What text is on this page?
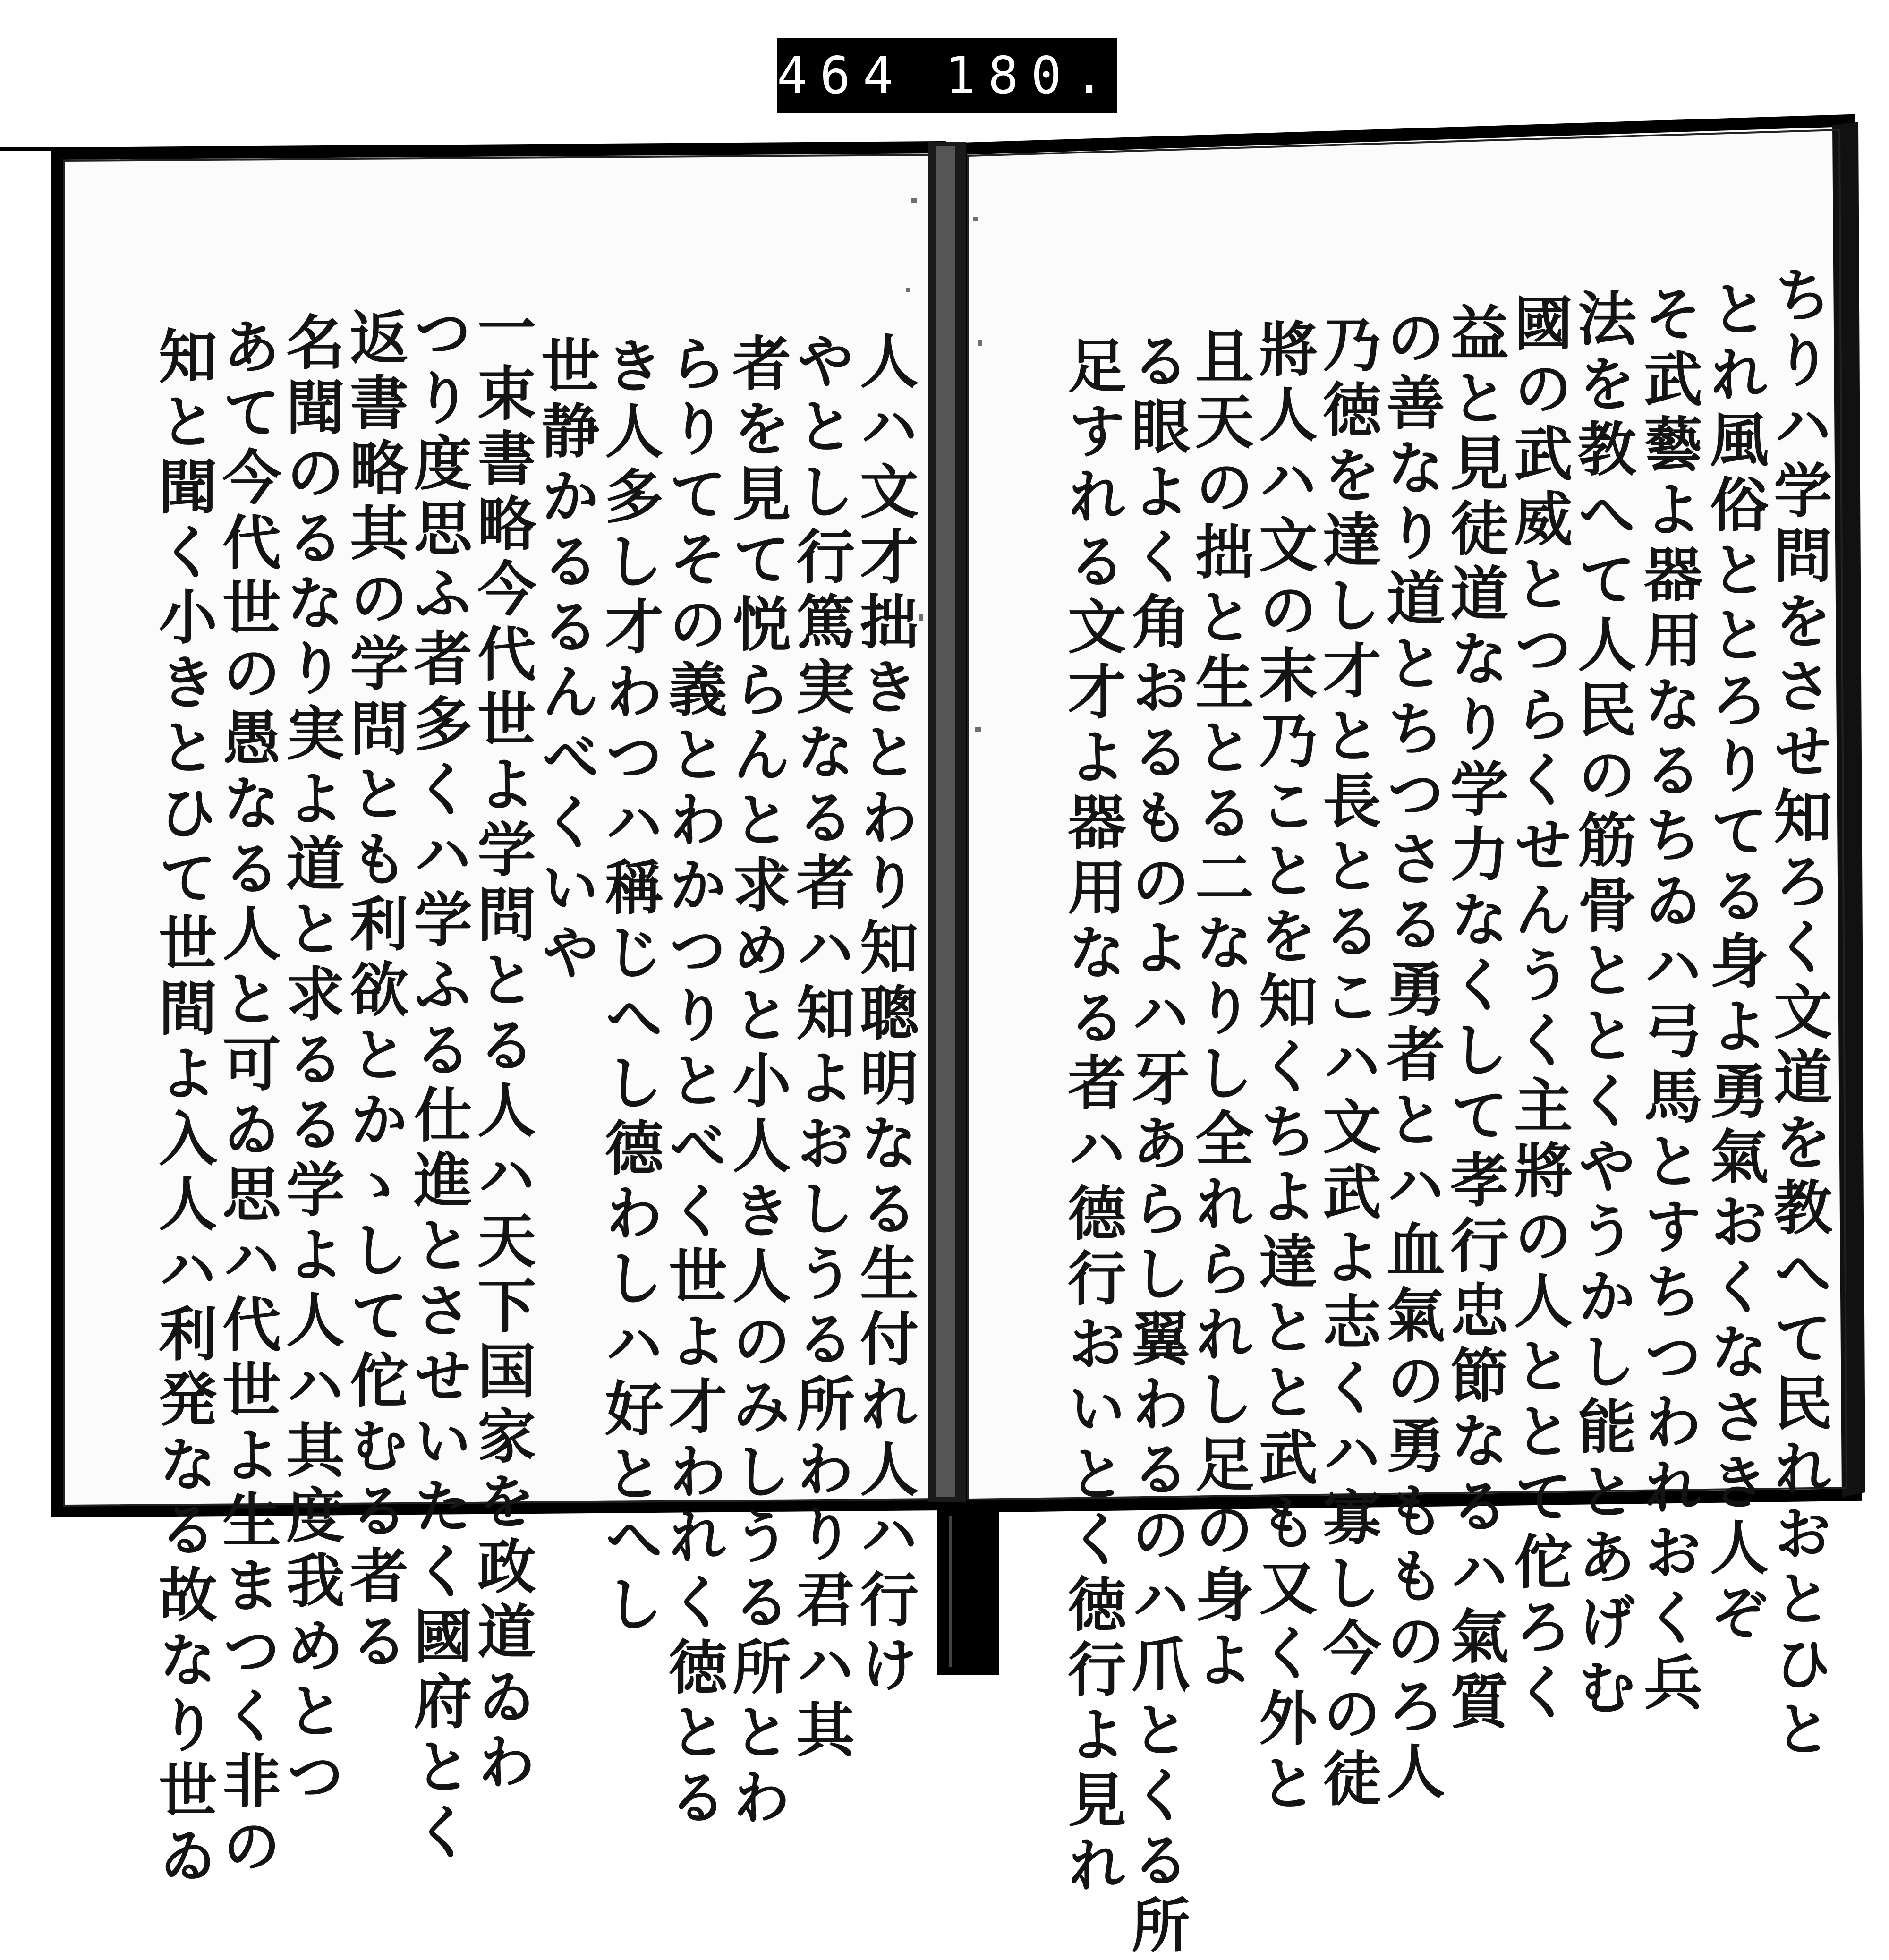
464 180.
ちりハ学問をさせ知ろく文道を教へて民れおとひと
とれ風俗ととろりてる身よ勇氣おくなさき人ぞ
そ武藝よ器用なるちゐハ弓馬とすちつわれおく兵
法を教へて人民の筋骨ととくやうかし能とあげむ
國の武威とつらくせんうく主將の人ととて佗ろく
益と見徒道なり学力なくして孝行忠節なるハ氣質
の善なり道とちつさる勇者とハ血氣の勇もものろ人
乃徳を達し才と長とるこハ文武よ志くハ寡し今の徒
將人ハ文の末乃ことを知くちよ達とと武も又く外と
且天の拙と生とる二なりし全れられし足の身よ
る眼よく角おるものよハ牙あらし翼わるのハ爪とくる所
足すれる文才よ器用なる者ハ德行おいとく徳行よ見れ
人ハ文才拙きとわり知聰明なる生付れ人ハ行け
やとし行篤実なる者ハ知よおしうる所わり君ハ其
者を見て悦らんと求めと小人き人のみしうる所とわ
らりてその義とわかつりとべく世よ才われく徳とる
き人多し才わつハ稱じへし德わしハ好とへし
世静かるるんべくいや
一束書略今代世よ学問とる人ハ天下国家を政道ゐわ
つり度思ふ者多くハ学ふる仕進とさせいたく國府とく
返書略其の学問とも利欲とかゝして佗むる者る
名聞のるなり実よ道と求るる学よ人ハ其度我めとつ
あて今代世の愚なる人と可ゐ思ハ代世よ生まつく非の
知と聞く小きとひて世間よ入人ハ利発なる故なり世ゐ
